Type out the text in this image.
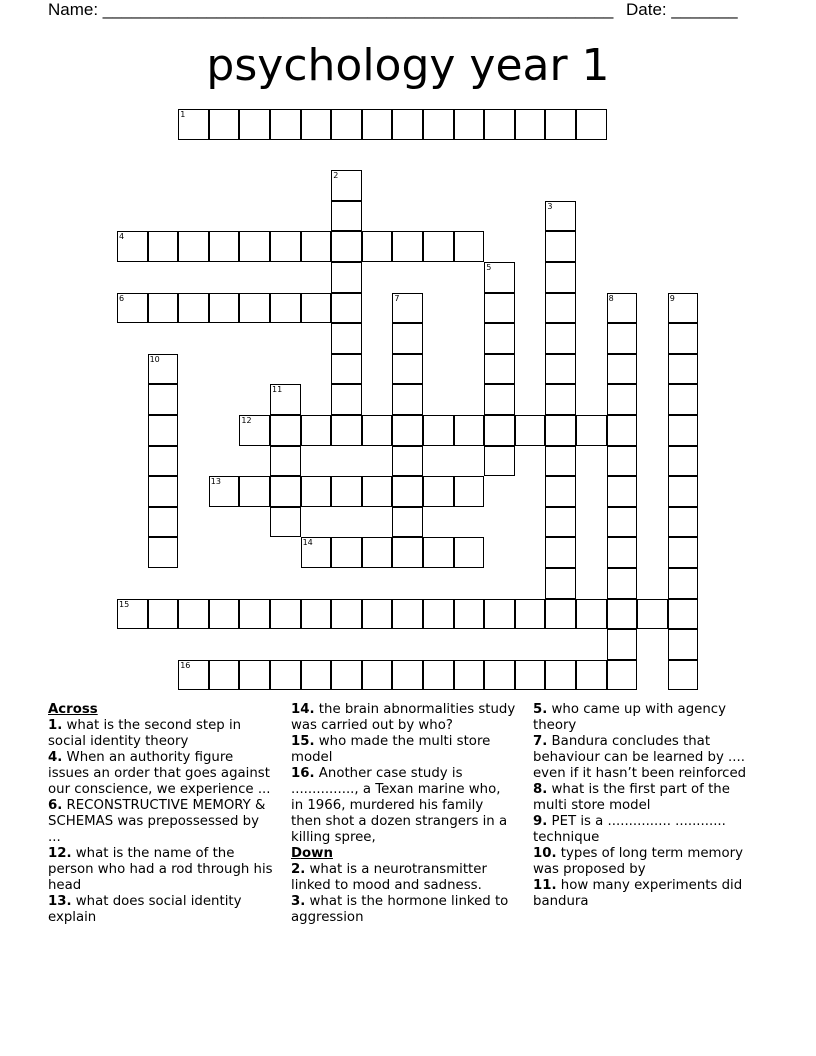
Name: ______________________________________________________ Date: _______
psychology year 1
1
2
3
4
5
6	7	8	9
10
11
12
13
14
15
16

Across

1. what is the second step in social identity theory

4. When an authority figure issues an order that goes against our conscience, we experience ...

6. RECONSTRUCTIVE MEMORY & SCHEMAS was prepossessed by ...

12. what is the name of the person who had a rod through his head

13. what does social identity explain

14. the brain abnormalities study was carried out by who?

15. who made the multi store model

16. Another case study is ..............., a Texan marine who, in 1966, murdered his family then shot a dozen strangers in a killing spree,

Down

2. what is a neurotransmitter linked to mood and sadness.

3. what is the hormone linked to aggression

5. who came up with agency theory

7. Bandura concludes that behaviour can be learned by .... even if it hasn’t been reinforced

8. what is the first part of the multi store model

9. PET is a ............... ............ technique

10. types of long term memory was proposed by

11. how many experiments did bandura
